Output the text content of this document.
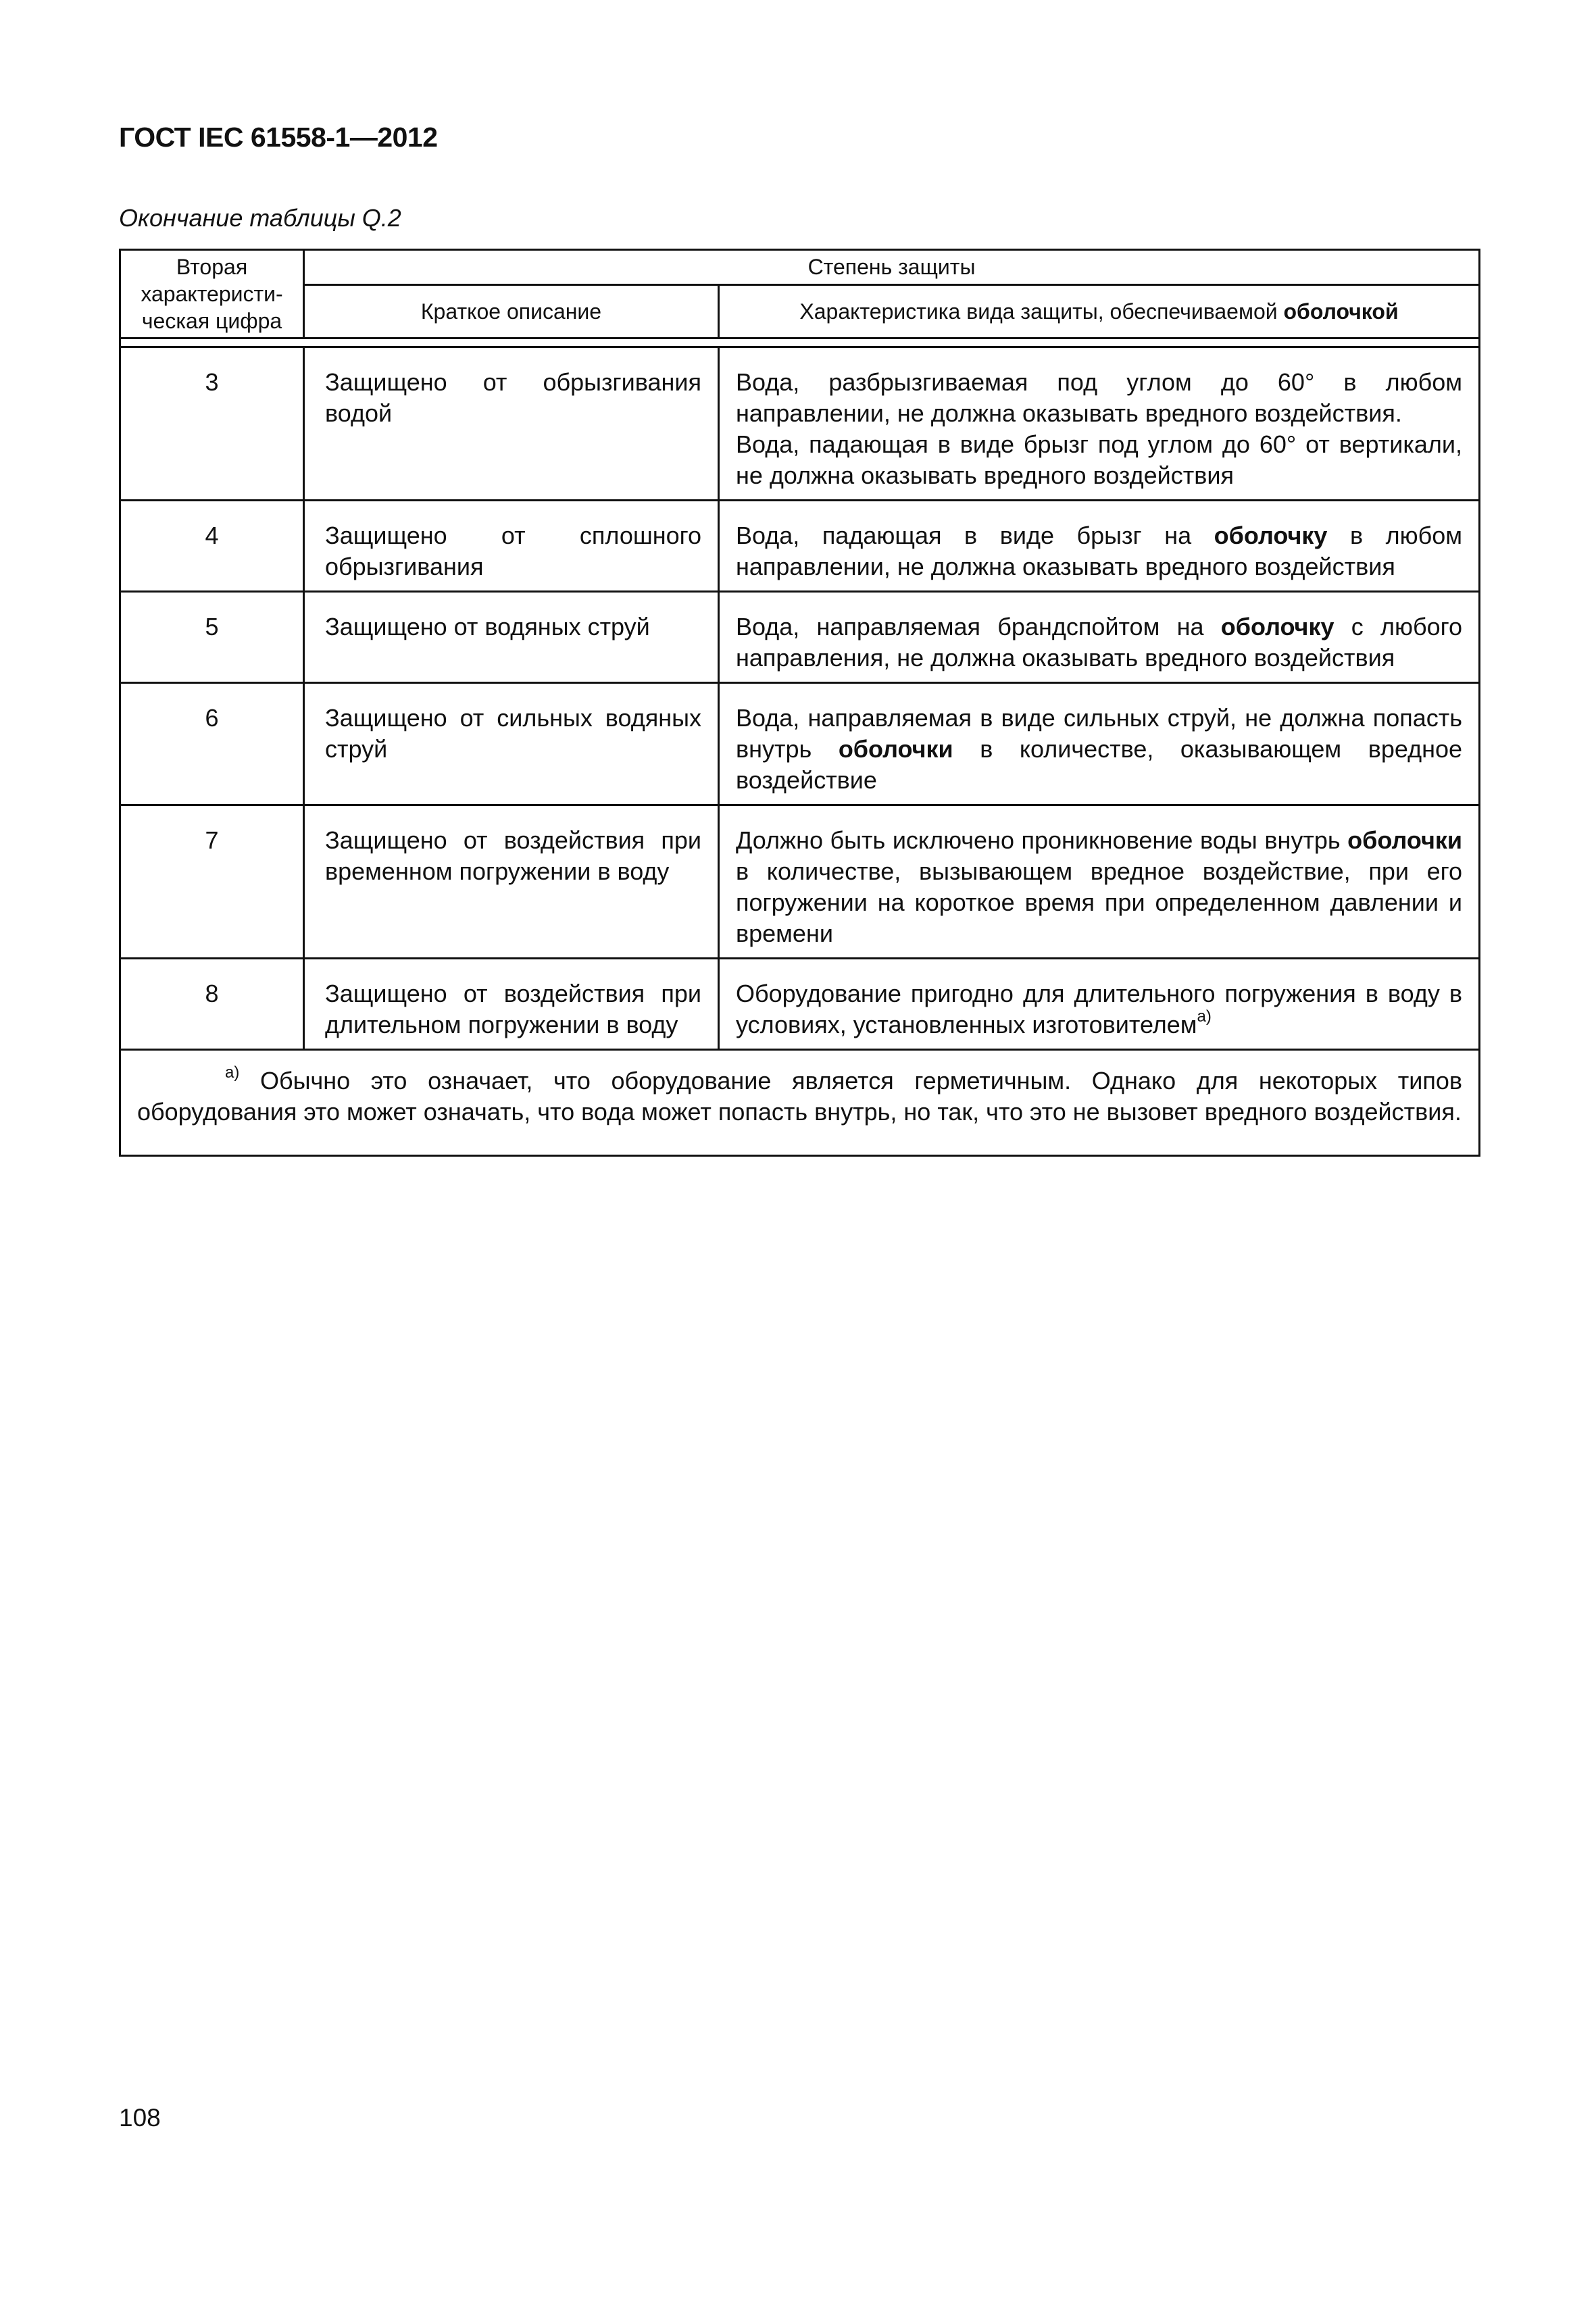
ГОСТ IEC 61558-1—2012
Окончание таблицы Q.2
Вторая характеристическая цифра	Степень защиты	
	Краткое описание	Характеристика вида защиты, обеспечиваемой оболочкой

3	Защищено от обрызгивания водой	Вода, разбрызгиваемая под углом до 60° в любом направлении, не должна оказывать вредного воздействия.
Вода, падающая в виде брызг под углом до 60° от вертикали, не должна оказывать вредного воздействия

4	Защищено от сплошного обрызгивания	Вода, падающая в виде брызг на оболочку в любом направлении, не должна оказывать вредного воздействия

5	Защищено от водяных струй	Вода, направляемая брандспойтом на оболочку с любого направления, не должна оказывать вредного воздействия

6	Защищено от сильных водяных струй	Вода, направляемая в виде сильных струй, не должна попасть внутрь оболочки в количестве, оказывающем вредное воздействие

7	Защищено от воздействия при временном погружении в воду	Должно быть исключено проникновение воды внутрь оболочки в количестве, вызывающем вредное воздействие, при его погружении на короткое время при определенном давлении и времени

8	Защищено от воздействия при длительном погружении в воду	Оборудование пригодно для длительного погружения в воду в условиях, установленных изготовителем$^{а)}$

$^{а)}$ Обычно это означает, что оборудование является герметичным. Однако для некоторых типов оборудования это может означать, что вода может попасть внутрь, но так, что это не вызовет вредного воздействия.		
108
